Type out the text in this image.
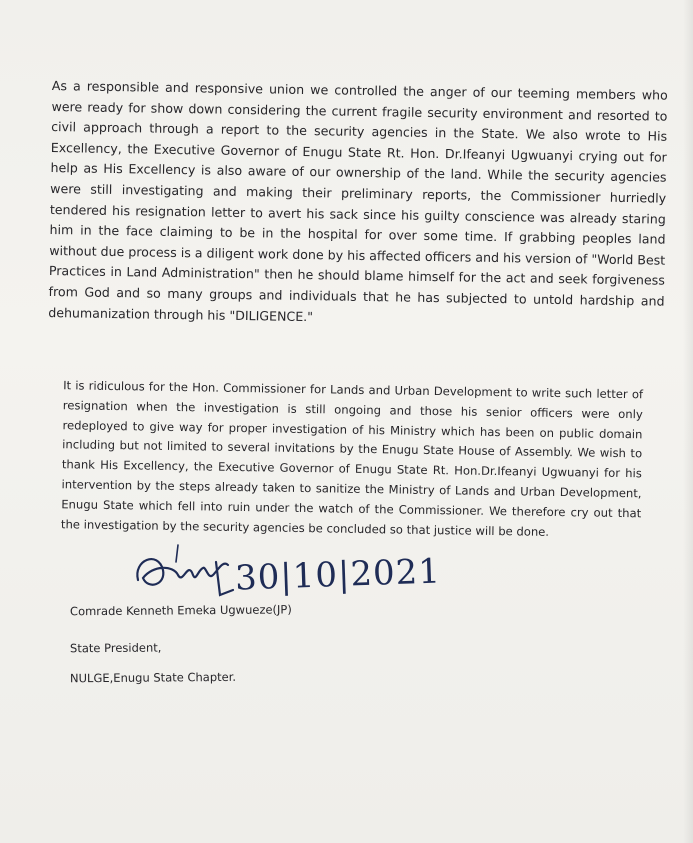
As a responsible and responsive union we controlled the anger of our teeming members who were ready for show down considering the current fragile security environment and resorted to civil approach through a report to the security agencies in the State. We also wrote to His Excellency, the Executive Governor of Enugu State Rt. Hon. Dr.Ifeanyi Ugwuanyi crying out for help as His Excellency is also aware of our ownership of the land. While the security agencies were still investigating and making their preliminary reports, the Commissioner hurriedly tendered his resignation letter to avert his sack since his guilty conscience was already staring him in the face claiming to be in the hospital for over some time. If grabbing peoples land without due process is a diligent work done by his affected officers and his version of "World Best Practices in Land Administration" then he should blame himself for the act and seek forgiveness from God and so many groups and individuals that he has subjected to untold hardship and dehumanization through his "DILIGENCE."

It is ridiculous for the Hon. Commissioner for Lands and Urban Development to write such letter of resignation when the investigation is still ongoing and those his senior officers were only redeployed to give way for proper investigation of his Ministry which has been on public domain including but not limited to several invitations by the Enugu State House of Assembly. We wish to thank His Excellency, the Executive Governor of Enugu State Rt. Hon.Dr.Ifeanyi Ugwuanyi for his intervention by the steps already taken to sanitize the Ministry of Lands and Urban Development, Enugu State which fell into ruin under the watch of the Commissioner. We therefore cry out that the investigation by the security agencies be concluded so that justice will be done.

30|10|2021
Comrade Kenneth Emeka Ugwueze(JP)
State President,
NULGE,Enugu State Chapter.
